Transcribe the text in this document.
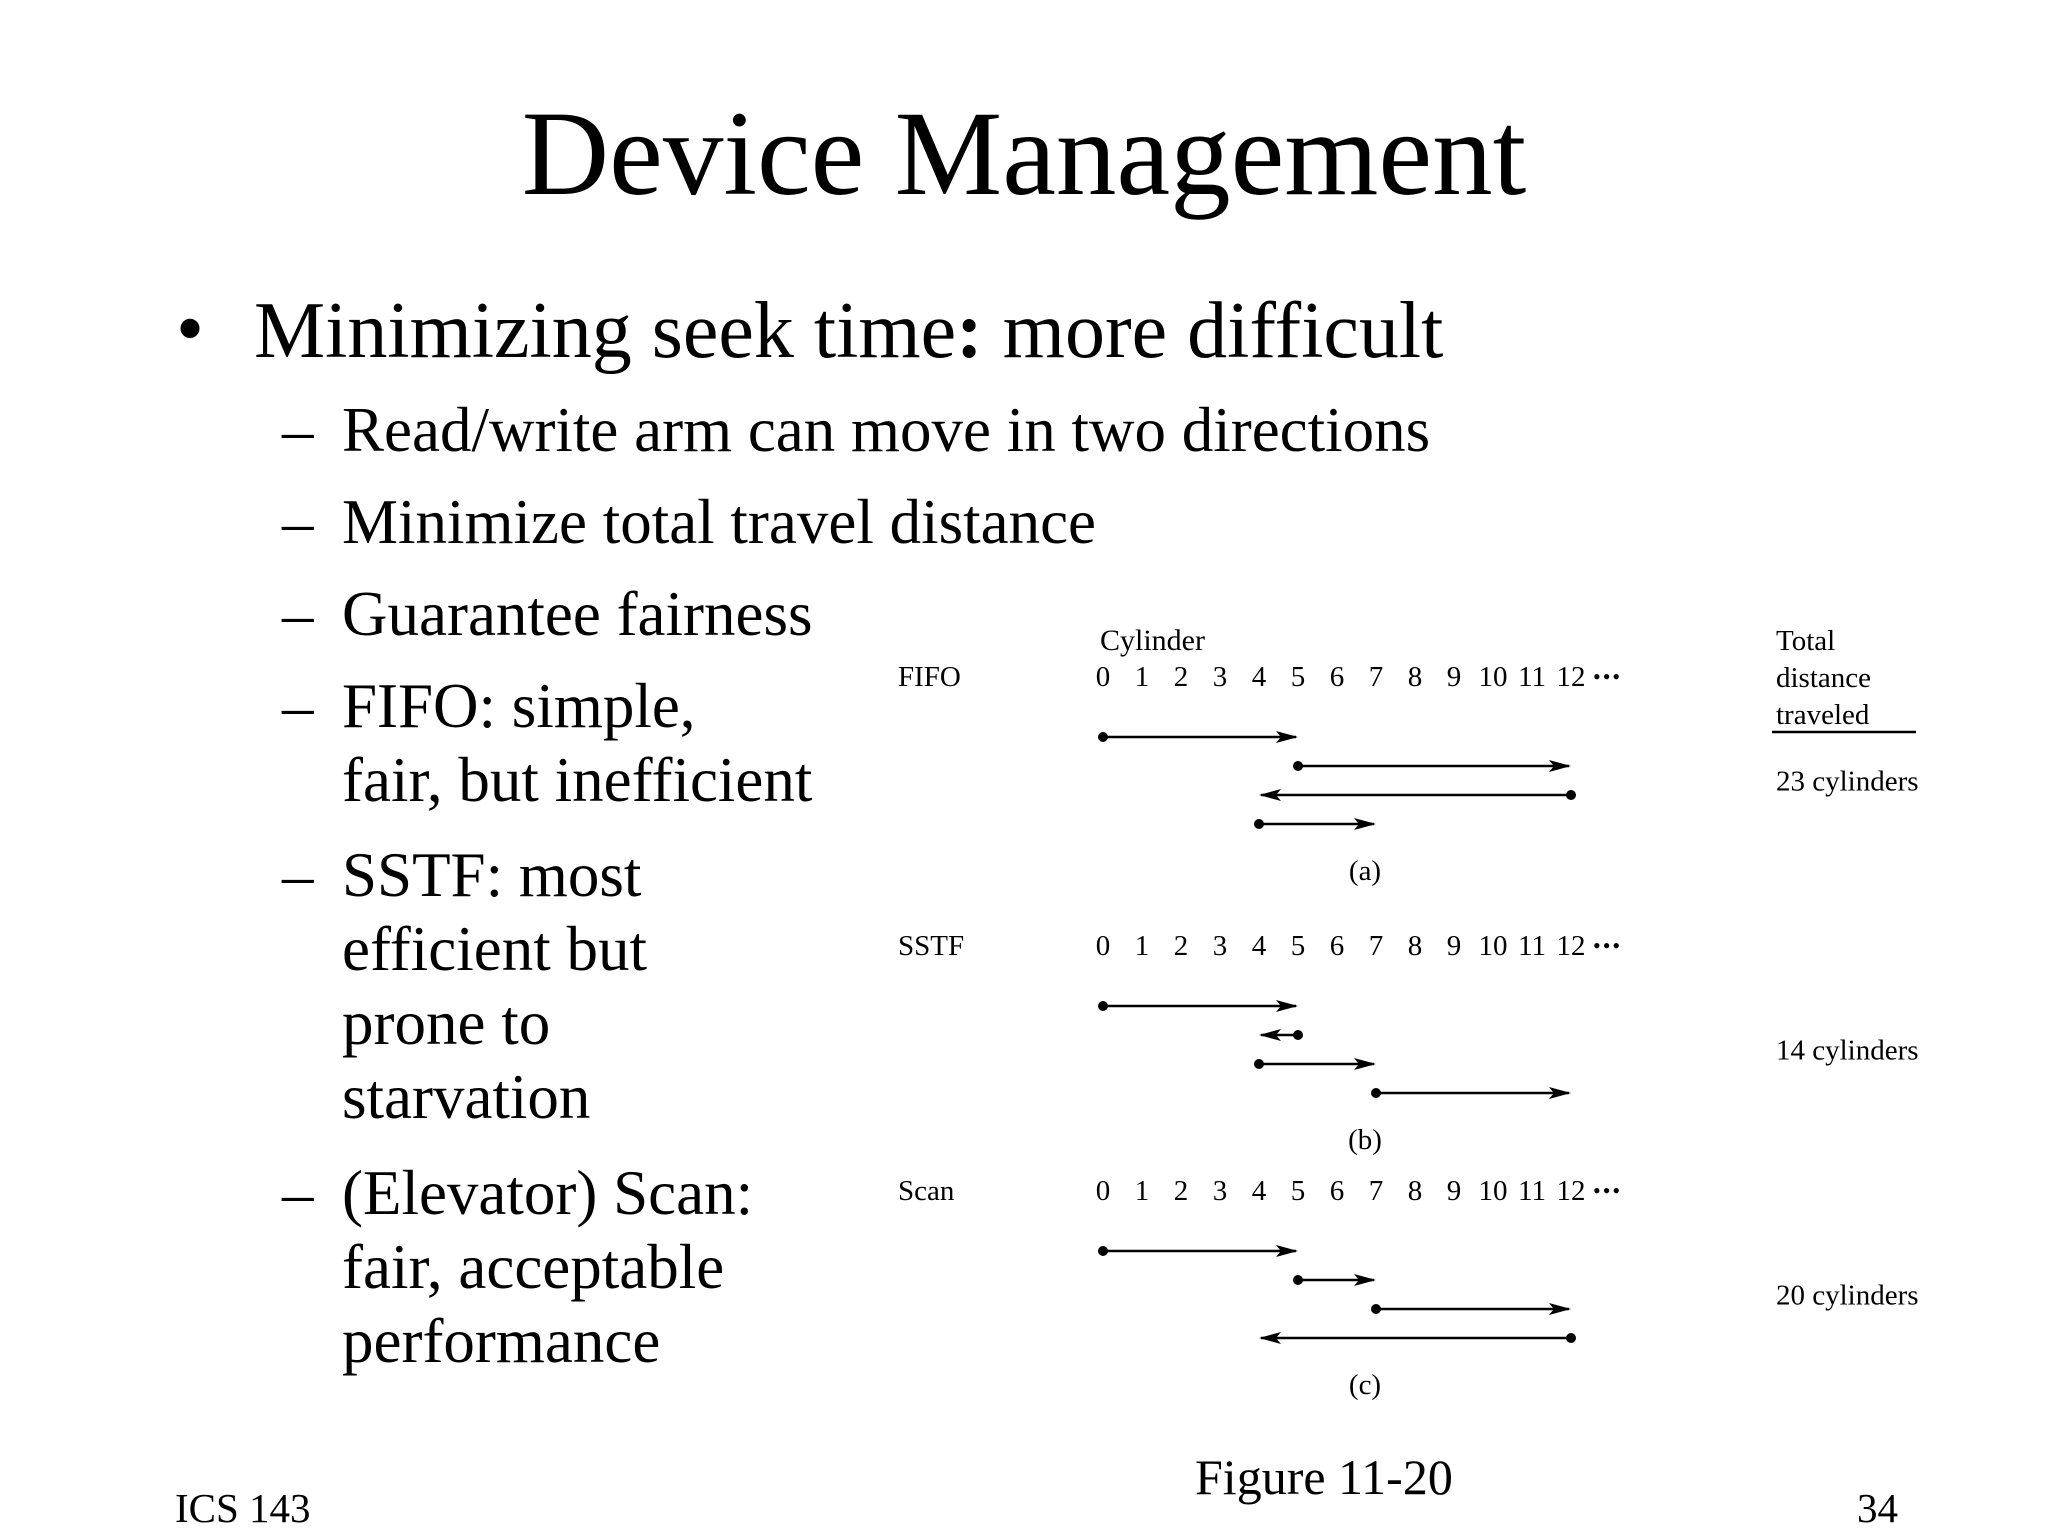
Device Management
• Minimizing seek time: more difficult
– Read/write arm can move in two directions
– Minimize total travel distance
– Guarantee fairness
– FIFO: simple,
fair, but inefficient
– SSTF: most
efficient but
prone to
starvation
– (Elevator) Scan:
fair, acceptable
performance
Cylinder	Total
distance
traveled
FIFO	0 1 2 3 4 5 6 7 8 9 10 11 12 •••
23 cylinders
(a)
SSTF	0 1 2 3 4 5 6 7 8 9 10 11 12 •••
14 cylinders
(b)
Scan	0 1 2 3 4 5 6 7 8 9 10 11 12 •••
20 cylinders
(c)
ICS 143
Figure 11-20
34
